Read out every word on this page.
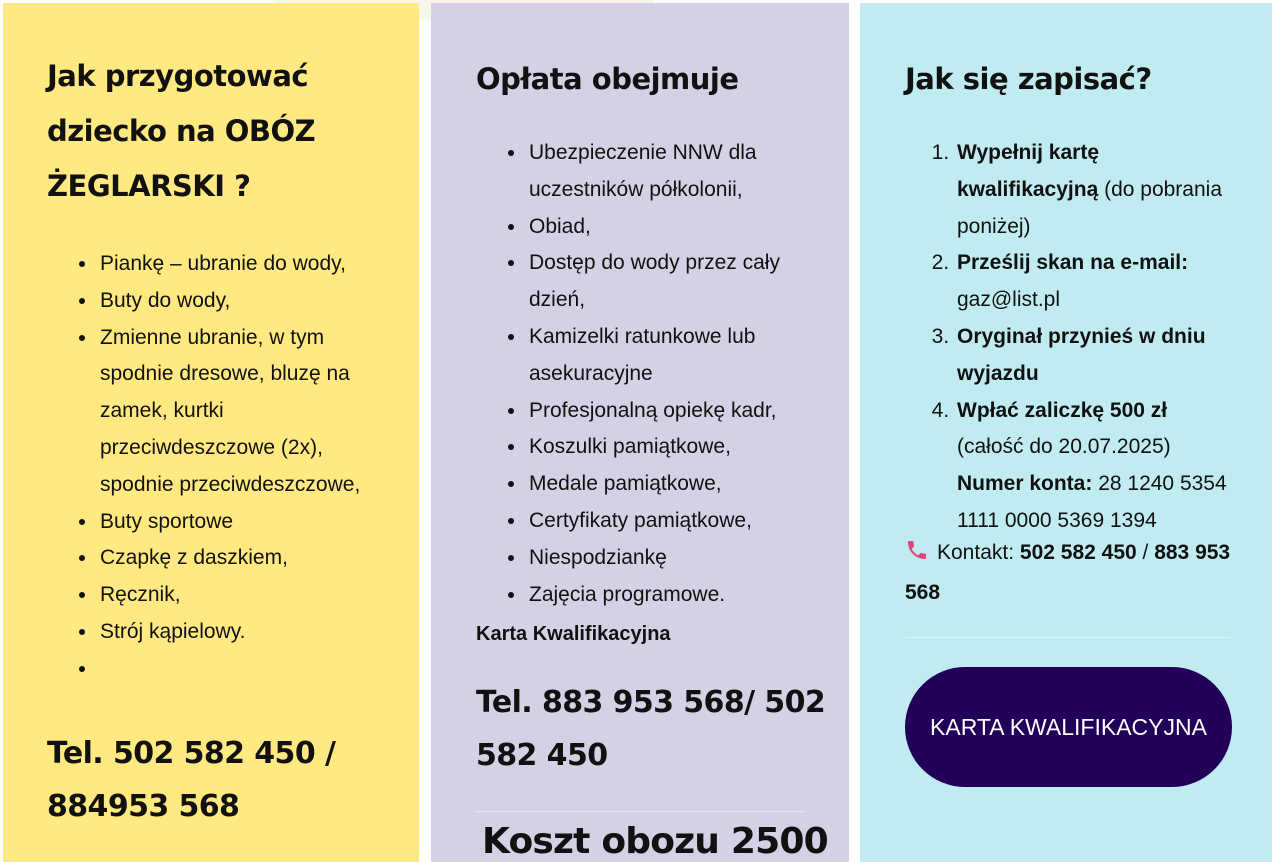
Jak przygotować dziecko na OBÓZ ŻEGLARSKI ?
• Piankę – ubranie do wody,
• Buty do wody,
• Zmienne ubranie, w tym spodnie dresowe, bluzę na zamek, kurtki przeciwdeszczowe (2x), spodnie przeciwdeszczowe,
• Buty sportowe
• Czapkę z daszkiem,
• Ręcznik,
• Strój kąpielowy.
•
Tel. 502 582 450 / 884953 568
Opłata obejmuje
• Ubezpieczenie NNW dla uczestników półkolonii,
• Obiad,
• Dostęp do wody przez cały dzień,
• Kamizelki ratunkowe lub asekuracyjne
• Profesjonalną opiekę kadr,
• Koszulki pamiątkowe,
• Medale pamiątkowe,
• Certyfikaty pamiątkowe,
• Niespodziankę
• Zajęcia programowe.
Karta Kwalifikacyjna
Tel. 883 953 568/ 502 582 450
Koszt obozu 2500
Jak się zapisać?
1. Wypełnij kartę kwalifikacyjną (do pobrania poniżej)
2. Prześlij skan na e-mail:
gaz@list.pl
3. Oryginał przynieś w dniu wyjazdu
4. Wpłać zaliczkę 500 zł (całość do 20.07.2025)
Numer konta: 28 1240 5354 1111 0000 5369 1394
Kontakt: 502 582 450 / 883 953 568
KARTA KWALIFIKACYJNA
